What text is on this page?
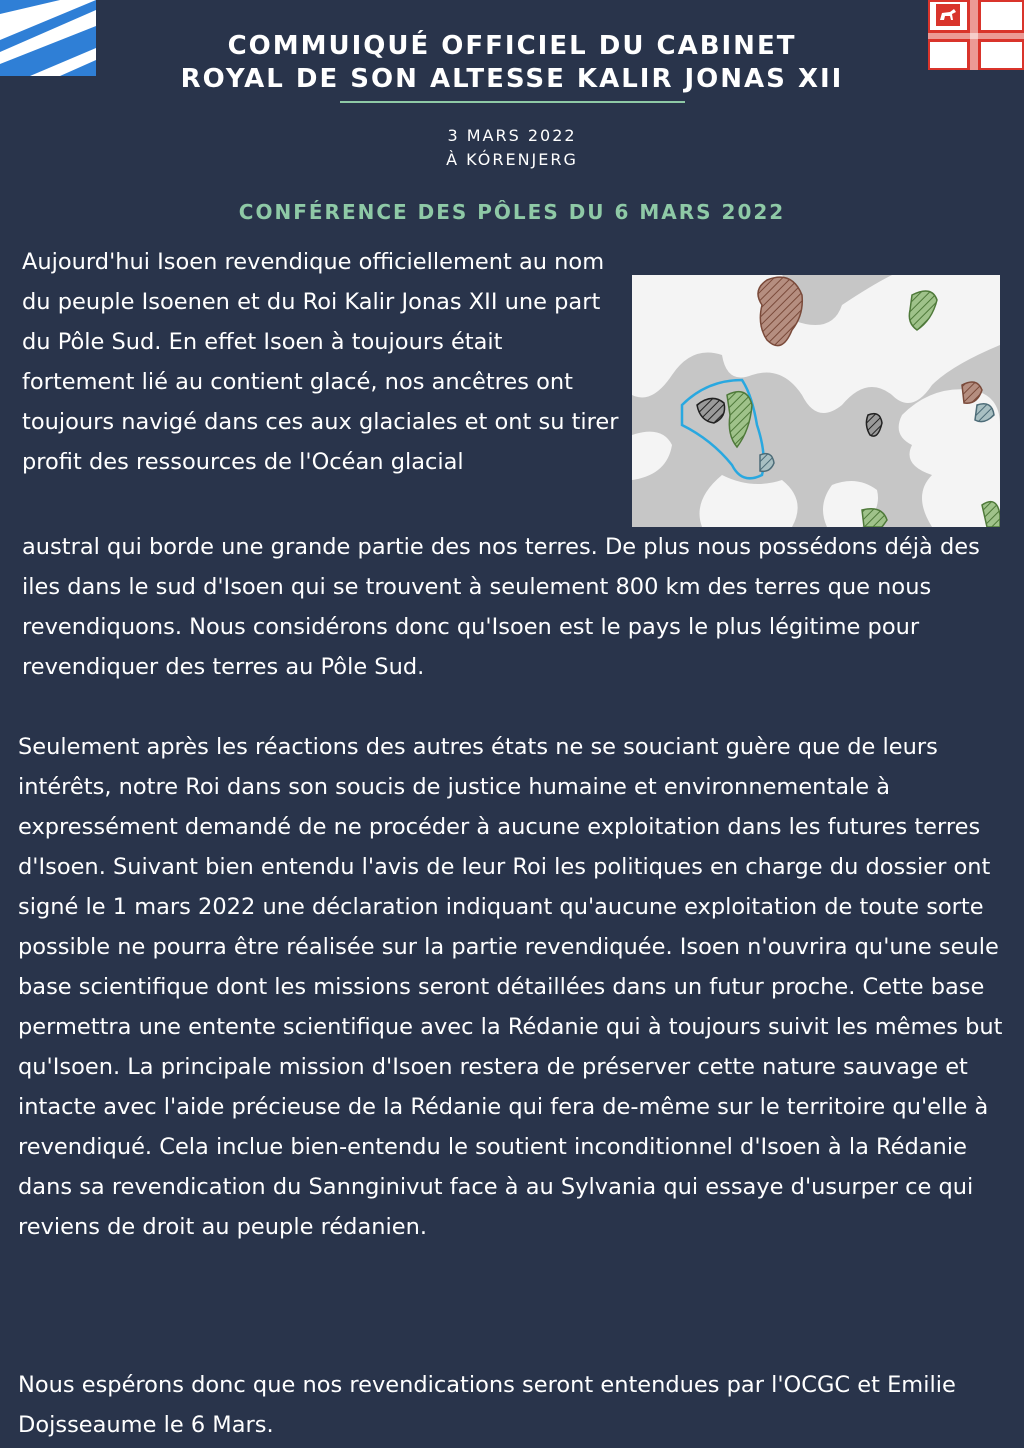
COMMUIQUÉ OFFICIEL DU CABINET
ROYAL DE SON ALTESSE KALIR JONAS XII
3 MARS 2022
À KÓRENJERG
CONFÉRENCE DES PÔLES DU 6 MARS 2022

Aujourd'hui Isoen revendique officiellement au nom du peuple Isoenen et du Roi Kalir Jonas XII une part du Pôle Sud. En effet Isoen à toujours était fortement lié au contient glacé, nos ancêtres ont toujours navigé dans ces aux glaciales et ont su tirer profit des ressources de l'Océan glacial

austral qui borde une grande partie des nos terres. De plus nous possédons déjà des iles dans le sud d'Isoen qui se trouvent à seulement 800 km des terres que nous revendiquons. Nous considérons donc qu'Isoen est le pays le plus légitime pour revendiquer des terres au Pôle Sud.

Seulement après les réactions des autres états ne se souciant guère que de leurs intérêts, notre Roi dans son soucis de justice humaine et environnementale à expressément demandé de ne procéder à aucune exploitation dans les futures terres d'Isoen. Suivant bien entendu l'avis de leur Roi les politiques en charge du dossier ont signé le 1 mars 2022 une déclaration indiquant qu'aucune exploitation de toute sorte possible ne pourra être réalisée sur la partie revendiquée. Isoen n'ouvrira qu'une seule base scientifique dont les missions seront détaillées dans un futur proche. Cette base permettra une entente scientifique avec la Rédanie qui à toujours suivit les mêmes but qu'Isoen. La principale mission d'Isoen restera de préserver cette nature sauvage et intacte avec l'aide précieuse de la Rédanie qui fera de-même sur le territoire qu'elle à revendiqué. Cela inclue bien-entendu le soutient inconditionnel d'Isoen à la Rédanie dans sa revendication du Sannginivut face à au Sylvania qui essaye d'usurper ce qui reviens de droit au peuple rédanien.

Nous espérons donc que nos revendications seront entendues par l'OCGC et Emilie Dojsseaume le 6 Mars.
